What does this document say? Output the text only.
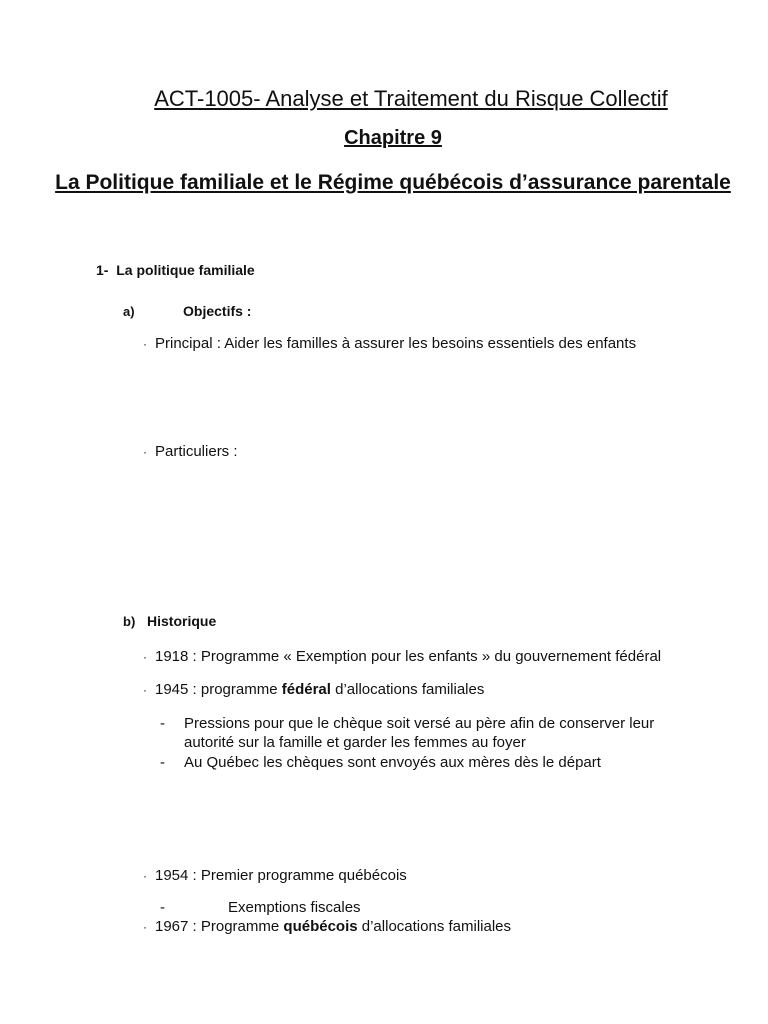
ACT-1005- Analyse et Traitement du Risque Collectif
Chapitre 9
La Politique familiale et le Régime québécois d’assurance parentale
1- La politique familiale
a)	Objectifs :
· Principal : Aider les familles à assurer les besoins essentiels des enfants
· Particuliers :
b) Historique
· 1918 : Programme « Exemption pour les enfants » du gouvernement fédéral
· 1945 : programme fédéral d’allocations familiales
- Pressions pour que le chèque soit versé au père afin de conserver leur autorité sur la famille et garder les femmes au foyer
- Au Québec les chèques sont envoyés aux mères dès le départ
· 1954 : Premier programme québécois
-	Exemptions fiscales
· 1967 : Programme québécois d’allocations familiales
